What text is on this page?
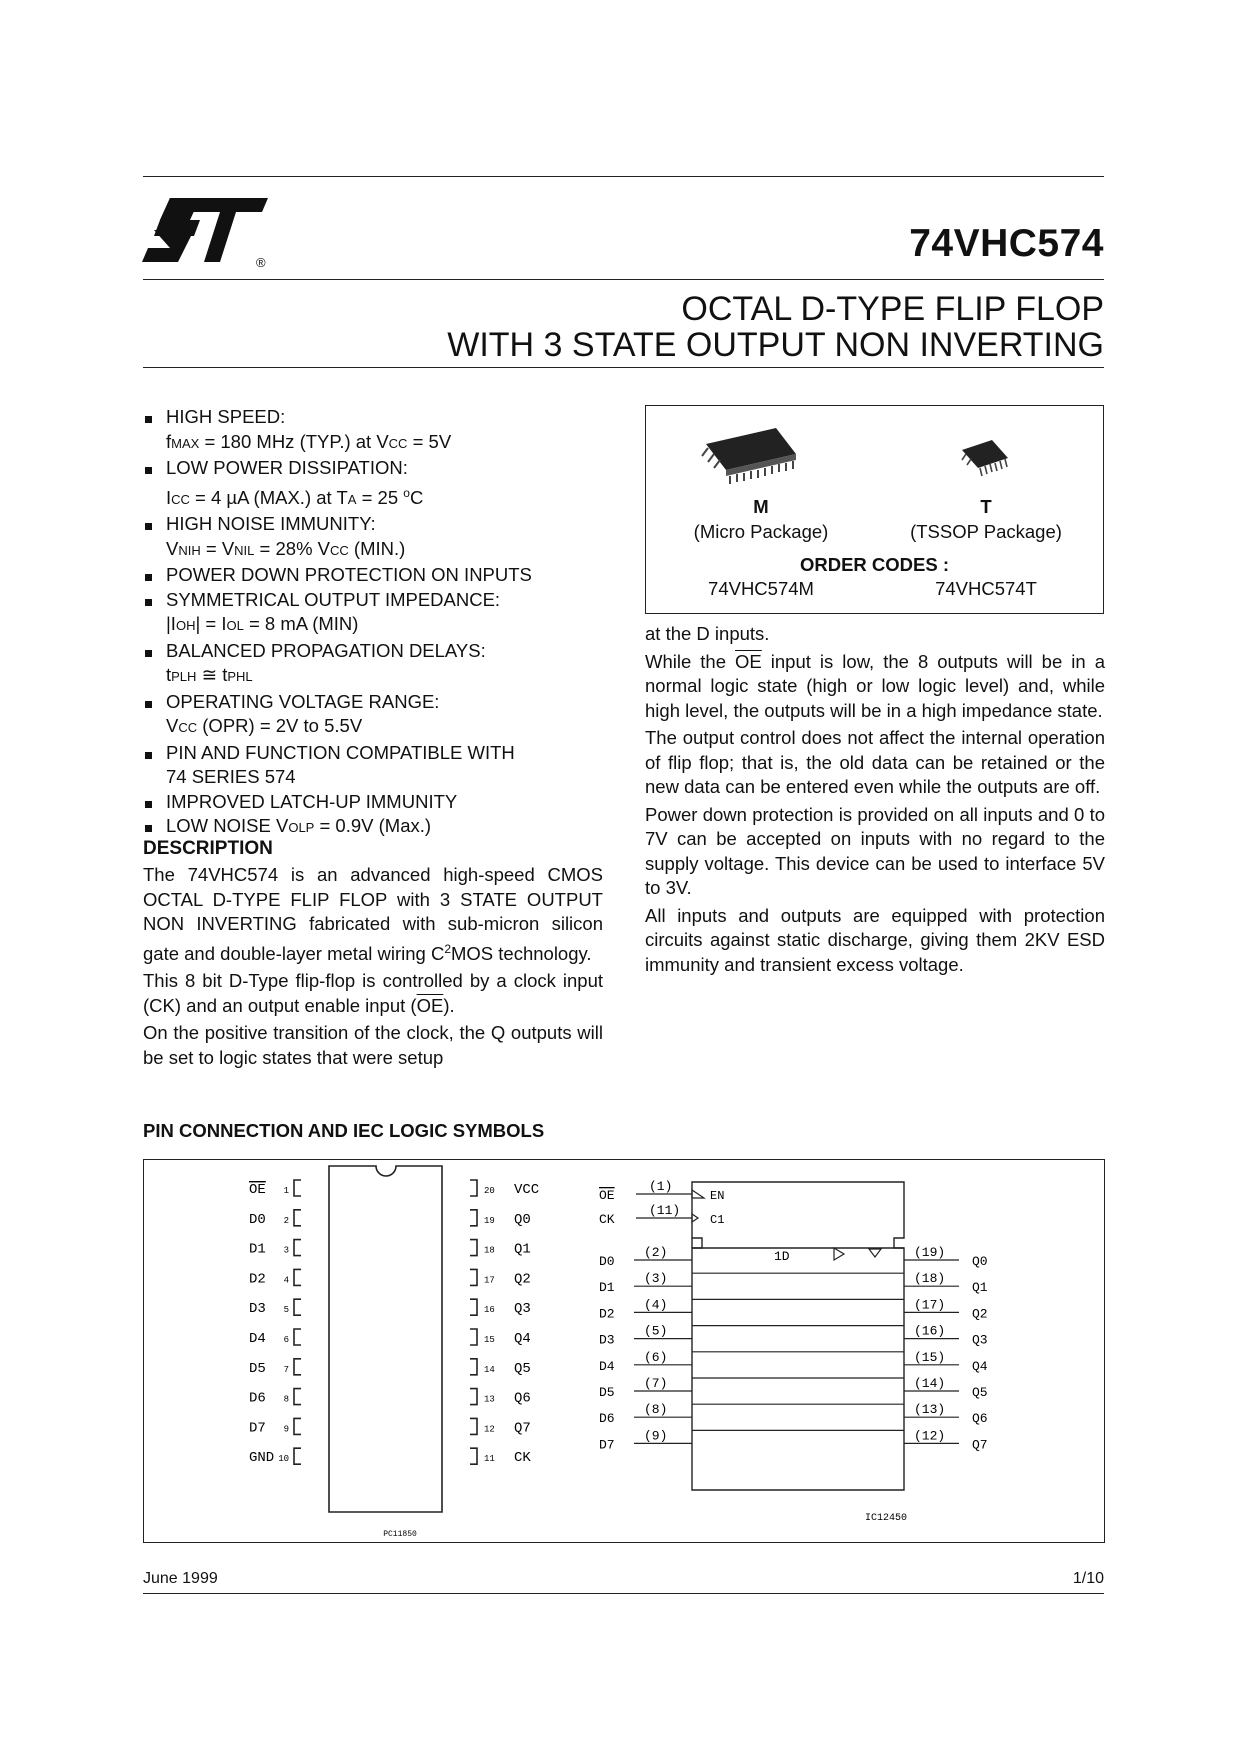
®	74VHC574
OCTAL D-TYPE FLIP FLOP
WITH 3 STATE OUTPUT NON INVERTING
HIGH SPEED:
fMAX = 180 MHz (TYP.) at VCC = 5V
LOW POWER DISSIPATION:
ICC = 4 µA (MAX.) at TA = 25 $^o$C
HIGH NOISE IMMUNITY:
VNIH = VNIL = 28% VCC (MIN.)
POWER DOWN PROTECTION ON INPUTS
SYMMETRICAL OUTPUT IMPEDANCE:
|IOH| = IOL = 8 mA (MIN)
BALANCED PROPAGATION DELAYS:
tPLH ≅ tPHL
OPERATING VOLTAGE RANGE:
VCC (OPR) = 2V to 5.5V
PIN AND FUNCTION COMPATIBLE WITH
74 SERIES 574
IMPROVED LATCH-UP IMMUNITY
LOW NOISE VOLP = 0.9V (Max.)
M
(Micro Package)
T
(TSSOP Package)
ORDER CODES :
74VHC574M	74VHC574T
DESCRIPTION

The 74VHC574 is an advanced high-speed CMOS OCTAL D-TYPE FLIP FLOP with 3 STATE OUTPUT NON INVERTING fabricated with sub-micron silicon gate and double-layer metal wiring $C^2MOS$ technology.

This 8 bit D-Type flip-flop is controlled by a clock input (CK) and an output enable input $(\overline{OE})$.

On the positive transition of the clock, the Q outputs will be set to logic states that were setup

at the D inputs.

While the $\overline{OE}$ input is low, the 8 outputs will be in a normal logic state (high or low logic level) and, while high level, the outputs will be in a high impedance state.

The output control does not affect the internal operation of flip flop; that is, the old data can be retained or the new data can be entered even while the outputs are off.

Power down protection is provided on all inputs and 0 to 7V can be accepted on inputs with no regard to the supply voltage. This device can be used to interface 5V to 3V.

All inputs and outputs are equipped with protection circuits against static discharge, giving them 2KV ESD immunity and transient excess voltage.

PIN CONNECTION AND IEC LOGIC SYMBOLS
OE 1
D0 2
D1 3
D2 4
D3 5
D4 6
D5 7
D6 8
D7 9
GND 10
20 VCC
19 Q0
18 Q1
17 Q2
16 Q3
15 Q4
14 Q5
13 Q6
12 Q7
11 CK
PC11850
OE
(1)
EN
CK
(11)
C1
D0
(2)	(19)
Q0
D1
(3)	(18)
Q1
D2
(4)	(17)
Q2
D3
(5)	(16)
Q3
D4
(6)	(15)
Q4
D5
(7)	(14)
Q5
D6
(8)	(13)
Q6
D7
(9)	(12)
Q7
1D
IC12450
June 1999	1/10
